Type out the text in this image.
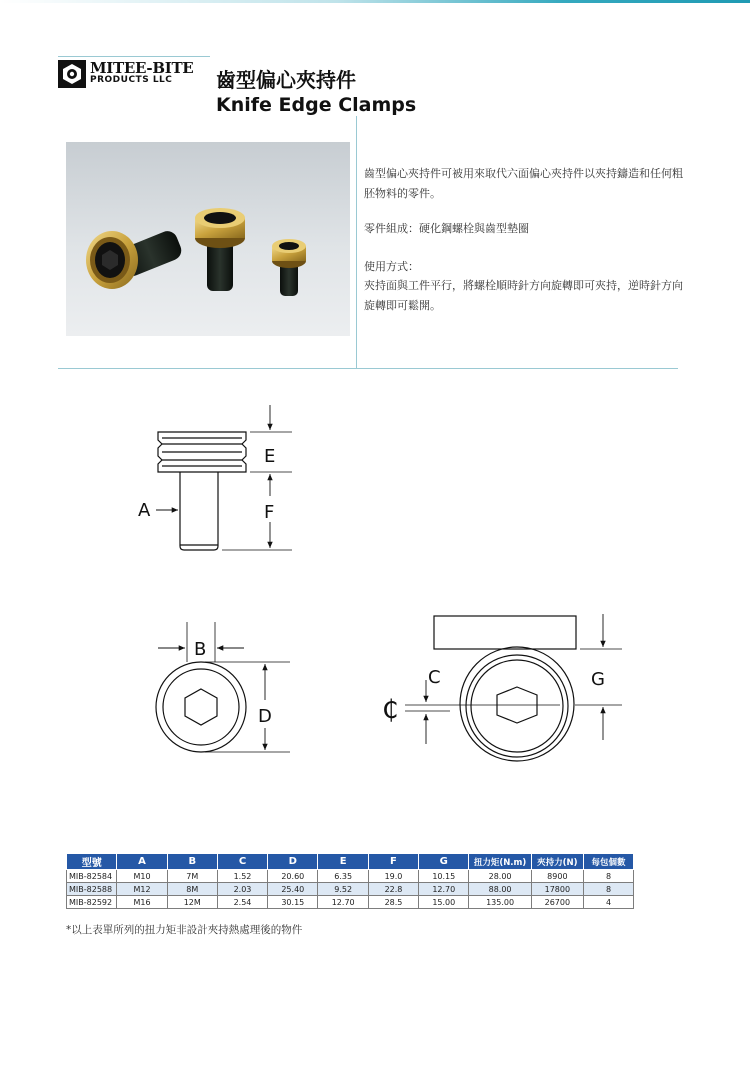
MITEE-BITE
PRODUCTS LLC 齒型偏心夾持件
Knife Edge Clamps
齒型偏心夾持件可被用來取代六面偏心夾持件以夾持鑄造和任何粗胚物料的零件。
零件組成：硬化鋼螺栓與齒型墊圈
使用方式：
夾持面與工件平行，將螺栓順時針方向旋轉即可夾持，逆時針方向旋轉即可鬆開。
E
F
A
B
D
C	G
₵
型號	A	B	C	D	E	F	G	扭力矩(N.m)	夾持力(N)	每包個數
MIB-82584	M10	7M	1.52	20.60	6.35	19.0	10.15	28.00	8900	8
MIB-82588	M12	8M	2.03	25.40	9.52	22.8	12.70	88.00	17800	8
MIB-82592	M16	12M	2.54	30.15	12.70	28.5	15.00	135.00	26700	4
*以上表單所列的扭力矩非設計夾持熱處理後的物件
